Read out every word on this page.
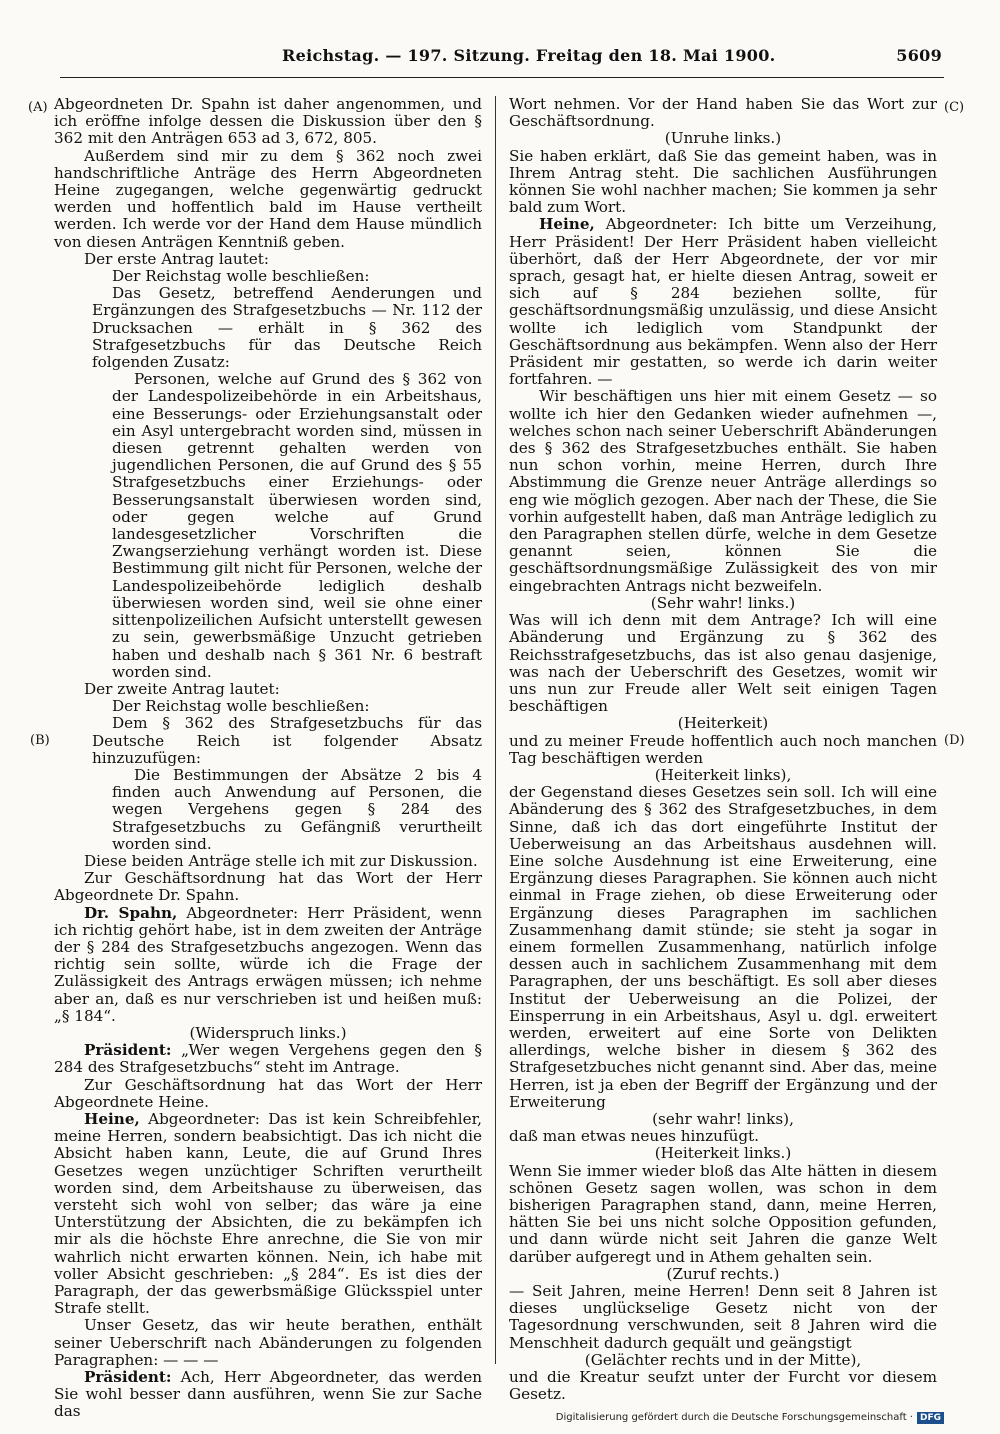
Reichstag. — 197. Sitzung. Freitag den 18. Mai 1900.	5609
(A)
(B)
(C)
(D)

Abgeordneten Dr. Spahn ist daher angenommen, und ich eröffne infolge dessen die Diskussion über den § 362 mit den Anträgen 653 ad 3, 672, 805.

Außerdem sind mir zu dem § 362 noch zwei handschriftliche Anträge des Herrn Abgeordneten Heine zugegangen, welche gegenwärtig gedruckt werden und hoffentlich bald im Hause vertheilt werden. Ich werde vor der Hand dem Hause mündlich von diesen Anträgen Kenntniß geben.

Der erste Antrag lautet:

Der Reichstag wolle beschließen:

Das Gesetz, betreffend Aenderungen und Ergänzungen des Strafgesetzbuchs — Nr. 112 der Drucksachen — erhält in § 362 des Strafgesetzbuchs für das Deutsche Reich folgenden Zusatz:

Personen, welche auf Grund des § 362 von der Landespolizeibehörde in ein Arbeitshaus, eine Besserungs- oder Erziehungsanstalt oder ein Asyl untergebracht worden sind, müssen in diesen getrennt gehalten werden von jugendlichen Personen, die auf Grund des § 55 Strafgesetzbuchs einer Erziehungs- oder Besserungsanstalt überwiesen worden sind, oder gegen welche auf Grund landesgesetzlicher Vorschriften die Zwangserziehung verhängt worden ist. Diese Bestimmung gilt nicht für Personen, welche der Landespolizeibehörde lediglich deshalb überwiesen worden sind, weil sie ohne einer sittenpolizeilichen Aufsicht unterstellt gewesen zu sein, gewerbsmäßige Unzucht getrieben haben und deshalb nach § 361 Nr. 6 bestraft worden sind.

Der zweite Antrag lautet:

Der Reichstag wolle beschließen:

Dem § 362 des Strafgesetzbuchs für das Deutsche Reich ist folgender Absatz hinzuzufügen:

Die Bestimmungen der Absätze 2 bis 4 finden auch Anwendung auf Personen, die wegen Vergehens gegen § 284 des Strafgesetzbuchs zu Gefängniß verurtheilt worden sind.

Diese beiden Anträge stelle ich mit zur Diskussion.

Zur Geschäftsordnung hat das Wort der Herr Abgeordnete Dr. Spahn.

Dr. Spahn, Abgeordneter: Herr Präsident, wenn ich richtig gehört habe, ist in dem zweiten der Anträge der § 284 des Strafgesetzbuchs angezogen. Wenn das richtig sein sollte, würde ich die Frage der Zulässigkeit des Antrags erwägen müssen; ich nehme aber an, daß es nur verschrieben ist und heißen muß: „§ 184“.

(Widerspruch links.)

Präsident: „Wer wegen Vergehens gegen den § 284 des Strafgesetzbuchs“ steht im Antrage.

Zur Geschäftsordnung hat das Wort der Herr Abgeordnete Heine.

Heine, Abgeordneter: Das ist kein Schreibfehler, meine Herren, sondern beabsichtigt. Das ich nicht die Absicht haben kann, Leute, die auf Grund Ihres Gesetzes wegen unzüchtiger Schriften verurtheilt worden sind, dem Arbeitshause zu überweisen, das versteht sich wohl von selber; das wäre ja eine Unterstützung der Absichten, die zu bekämpfen ich mir als die höchste Ehre anrechne, die Sie von mir wahrlich nicht erwarten können. Nein, ich habe mit voller Absicht geschrieben: „§ 284“. Es ist dies der Paragraph, der das gewerbsmäßige Glücksspiel unter Strafe stellt.

Unser Gesetz, das wir heute berathen, enthält seiner Ueberschrift nach Abänderungen zu folgenden Paragraphen: — — —

Präsident: Ach, Herr Abgeordneter, das werden Sie wohl besser dann ausführen, wenn Sie zur Sache das

Wort nehmen. Vor der Hand haben Sie das Wort zur Geschäftsordnung.

(Unruhe links.)

Sie haben erklärt, daß Sie das gemeint haben, was in Ihrem Antrag steht. Die sachlichen Ausführungen können Sie wohl nachher machen; Sie kommen ja sehr bald zum Wort.

Heine, Abgeordneter: Ich bitte um Verzeihung, Herr Präsident! Der Herr Präsident haben vielleicht überhört, daß der Herr Abgeordnete, der vor mir sprach, gesagt hat, er hielte diesen Antrag, soweit er sich auf § 284 beziehen sollte, für geschäftsordnungsmäßig unzulässig, und diese Ansicht wollte ich lediglich vom Standpunkt der Geschäftsordnung aus bekämpfen. Wenn also der Herr Präsident mir gestatten, so werde ich darin weiter fortfahren. —

Wir beschäftigen uns hier mit einem Gesetz — so wollte ich hier den Gedanken wieder aufnehmen —, welches schon nach seiner Ueberschrift Abänderungen des § 362 des Strafgesetzbuches enthält. Sie haben nun schon vorhin, meine Herren, durch Ihre Abstimmung die Grenze neuer Anträge allerdings so eng wie möglich gezogen. Aber nach der These, die Sie vorhin aufgestellt haben, daß man Anträge lediglich zu den Paragraphen stellen dürfe, welche in dem Gesetze genannt seien, können Sie die geschäftsordnungsmäßige Zulässigkeit des von mir eingebrachten Antrags nicht bezweifeln.

(Sehr wahr! links.)

Was will ich denn mit dem Antrage? Ich will eine Abänderung und Ergänzung zu § 362 des Reichsstrafgesetzbuchs, das ist also genau dasjenige, was nach der Ueberschrift des Gesetzes, womit wir uns nun zur Freude aller Welt seit einigen Tagen beschäftigen

(Heiterkeit)

und zu meiner Freude hoffentlich auch noch manchen Tag beschäftigen werden

(Heiterkeit links),

der Gegenstand dieses Gesetzes sein soll. Ich will eine Abänderung des § 362 des Strafgesetzbuches, in dem Sinne, daß ich das dort eingeführte Institut der Ueberweisung an das Arbeitshaus ausdehnen will. Eine solche Ausdehnung ist eine Erweiterung, eine Ergänzung dieses Paragraphen. Sie können auch nicht einmal in Frage ziehen, ob diese Erweiterung oder Ergänzung dieses Paragraphen im sachlichen Zusammenhang damit stünde; sie steht ja sogar in einem formellen Zusammenhang, natürlich infolge dessen auch in sachlichem Zusammenhang mit dem Paragraphen, der uns beschäftigt. Es soll aber dieses Institut der Ueberweisung an die Polizei, der Einsperrung in ein Arbeitshaus, Asyl u. dgl. erweitert werden, erweitert auf eine Sorte von Delikten allerdings, welche bisher in diesem § 362 des Strafgesetzbuches nicht genannt sind. Aber das, meine Herren, ist ja eben der Begriff der Ergänzung und der Erweiterung

(sehr wahr! links),

daß man etwas neues hinzufügt.

(Heiterkeit links.)

Wenn Sie immer wieder bloß das Alte hätten in diesem schönen Gesetz sagen wollen, was schon in dem bisherigen Paragraphen stand, dann, meine Herren, hätten Sie bei uns nicht solche Opposition gefunden, und dann würde nicht seit Jahren die ganze Welt darüber aufgeregt und in Athem gehalten sein.

(Zuruf rechts.)

— Seit Jahren, meine Herren! Denn seit 8 Jahren ist dieses unglückselige Gesetz nicht von der Tagesordnung verschwunden, seit 8 Jahren wird die Menschheit dadurch gequält und geängstigt

(Gelächter rechts und in der Mitte),

und die Kreatur seufzt unter der Furcht vor diesem Gesetz.

Digitalisierung gefördert durch die Deutsche Forschungsgemeinschaft · DFG
